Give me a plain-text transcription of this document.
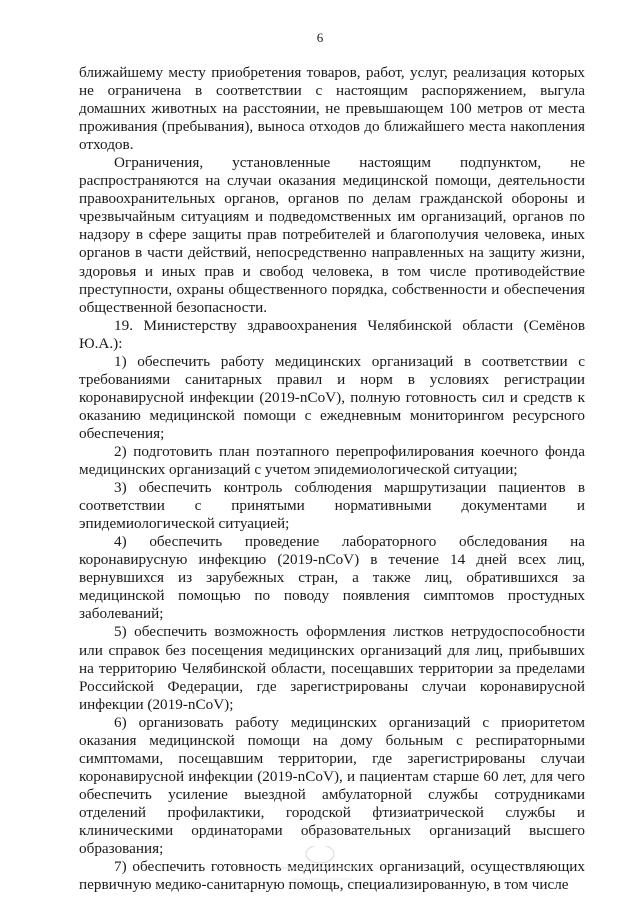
6

ближайшему месту приобретения товаров, работ, услуг, реализация которых не ограничена в соответствии с настоящим распоряжением, выгула домашних животных на расстоянии, не превышающем 100 метров от места проживания (пребывания), выноса отходов до ближайшего места накопления отходов.

Ограничения, установленные настоящим подпунктом, не распространяются на случаи оказания медицинской помощи, деятельности правоохранительных органов, органов по делам гражданской обороны и чрезвычайным ситуациям и подведомственных им организаций, органов по надзору в сфере защиты прав потребителей и благополучия человека, иных органов в части действий, непосредственно направленных на защиту жизни, здоровья и иных прав и свобод человека, в том числе противодействие преступности, охраны общественного порядка, собственности и обеспечения общественной безопасности.

19. Министерству здравоохранения Челябинской области (Семёнов Ю.А.):

1) обеспечить работу медицинских организаций в соответствии с требованиями санитарных правил и норм в условиях регистрации коронавирусной инфекции (2019-nCoV), полную готовность сил и средств к оказанию медицинской помощи с ежедневным мониторингом ресурсного обеспечения;

2) подготовить план поэтапного перепрофилирования коечного фонда медицинских организаций с учетом эпидемиологической ситуации;

3) обеспечить контроль соблюдения маршрутизации пациентов в соответствии с принятыми нормативными документами и эпидемиологической ситуацией;

4) обеспечить проведение лабораторного обследования на коронавирусную инфекцию (2019-nCoV) в течение 14 дней всех лиц, вернувшихся из зарубежных стран, а также лиц, обратившихся за медицинской помощью по поводу появления симптомов простудных заболеваний;

5) обеспечить возможность оформления листков нетрудоспособности или справок без посещения медицинских организаций для лиц, прибывших на территорию Челябинской области, посещавших территории за пределами Российской Федерации, где зарегистрированы случаи коронавирусной инфекции (2019-nCoV);

6) организовать работу медицинских организаций с приоритетом оказания медицинской помощи на дому больным с респираторными симптомами, посещавшим территории, где зарегистрированы случаи коронавирусной инфекции (2019-nCoV), и пациентам старше 60 лет, для чего обеспечить усиление выездной амбулаторной службы сотрудниками отделений профилактики, городской фтизиатрической службы и клиническими ординаторами образовательных организаций высшего образования;

7) обеспечить готовность медицинских организаций, осуществляющих первичную медико-санитарную помощь, специализированную, в том числе
